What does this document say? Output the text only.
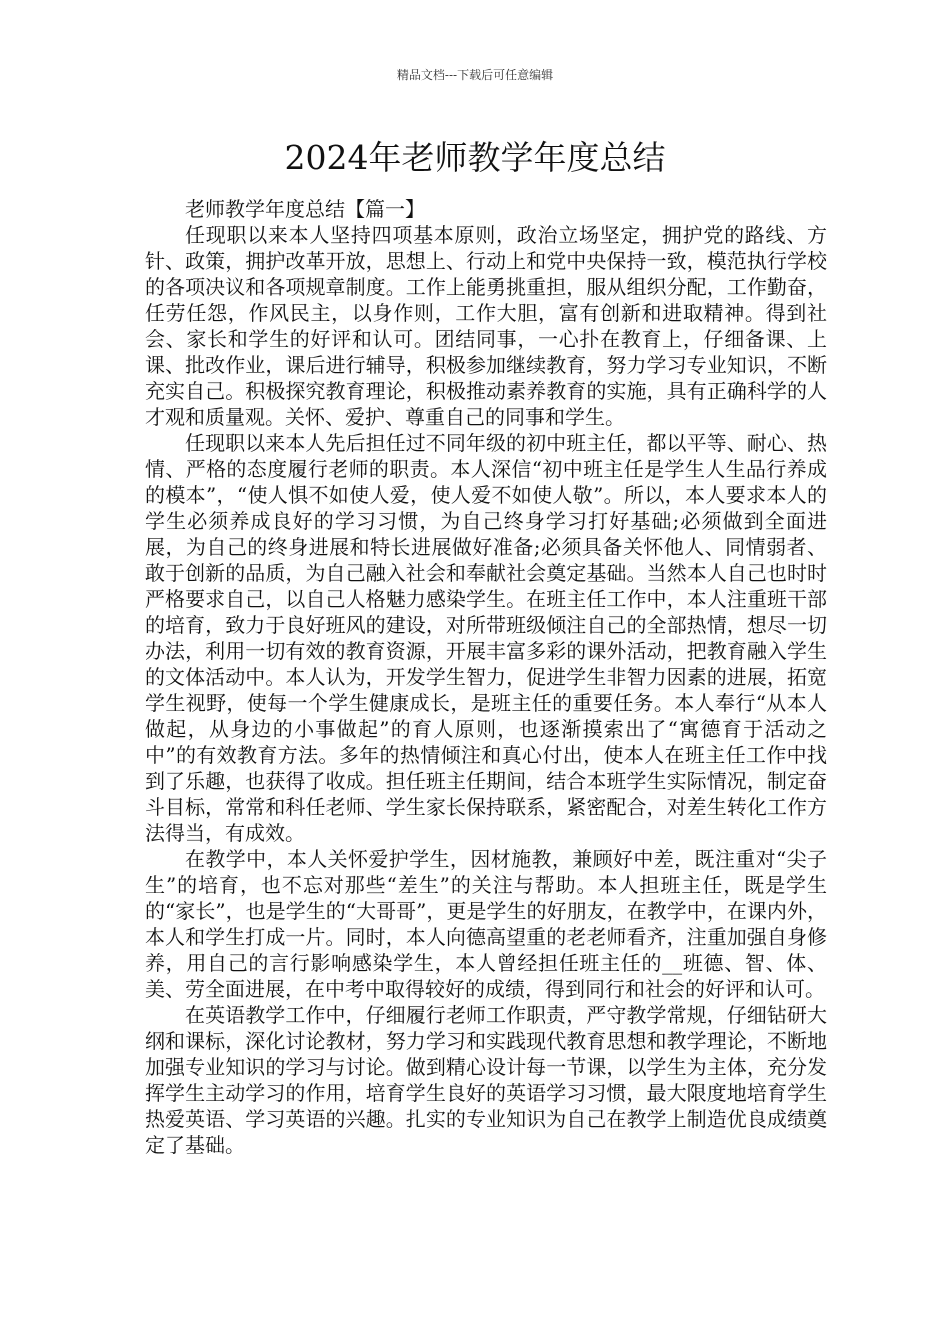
精品文档---下载后可任意编辑
2024年老师教学年度总结

老师教学年度总结【篇一】

任现职以来本人坚持四项基本原则，政治立场坚定，拥护党的路线、方针、政策，拥护改革开放，思想上、行动上和党中央保持一致，模范执行学校的各项决议和各项规章制度。工作上能勇挑重担，服从组织分配，工作勤奋，任劳任怨，作风民主，以身作则，工作大胆，富有创新和进取精神。得到社会、家长和学生的好评和认可。团结同事，一心扑在教育上，仔细备课、上课、批改作业，课后进行辅导，积极参加继续教育，努力学习专业知识，不断充实自己。积极探究教育理论，积极推动素养教育的实施，具有正确科学的人才观和质量观。关怀、爱护、尊重自己的同事和学生。

任现职以来本人先后担任过不同年级的初中班主任，都以平等、耐心、热情、严格的态度履行老师的职责。本人深信“初中班主任是学生人生品行养成的模本”，“使人惧不如使人爱，使人爱不如使人敬”。所以，本人要求本人的学生必须养成良好的学习习惯，为自己终身学习打好基础;必须做到全面进展，为自己的终身进展和特长进展做好准备;必须具备关怀他人、同情弱者、敢于创新的品质，为自己融入社会和奉献社会奠定基础。当然本人自己也时时严格要求自己，以自己人格魅力感染学生。在班主任工作中，本人注重班干部的培育，致力于良好班风的建设，对所带班级倾注自己的全部热情，想尽一切办法，利用一切有效的教育资源，开展丰富多彩的课外活动，把教育融入学生的文体活动中。本人认为，开发学生智力，促进学生非智力因素的进展，拓宽学生视野，使每一个学生健康成长，是班主任的重要任务。本人奉行“从本人做起，从身边的小事做起”的育人原则，也逐渐摸索出了“寓德育于活动之中”的有效教育方法。多年的热情倾注和真心付出，使本人在班主任工作中找到了乐趣，也获得了收成。担任班主任期间，结合本班学生实际情况，制定奋斗目标，常常和科任老师、学生家长保持联系，紧密配合，对差生转化工作方法得当，有成效。

在教学中，本人关怀爱护学生，因材施教，兼顾好中差，既注重对“尖子生”的培育，也不忘对那些“差生”的关注与帮助。本人担班主任，既是学生的“家长”，也是学生的“大哥哥”，更是学生的好朋友，在教学中，在课内外，本人和学生打成一片。同时，本人向德高望重的老老师看齐，注重加强自身修养，用自己的言行影响感染学生，本人曾经担任班主任的__班德、智、体、美、劳全面进展，在中考中取得较好的成绩，得到同行和社会的好评和认可。

在英语教学工作中，仔细履行老师工作职责，严守教学常规，仔细钻研大纲和课标，深化讨论教材，努力学习和实践现代教育思想和教学理论，不断地加强专业知识的学习与讨论。做到精心设计每一节课，以学生为主体，充分发挥学生主动学习的作用，培育学生良好的英语学习习惯，最大限度地培育学生热爱英语、学习英语的兴趣。扎实的专业知识为自己在教学上制造优良成绩奠定了基础。
